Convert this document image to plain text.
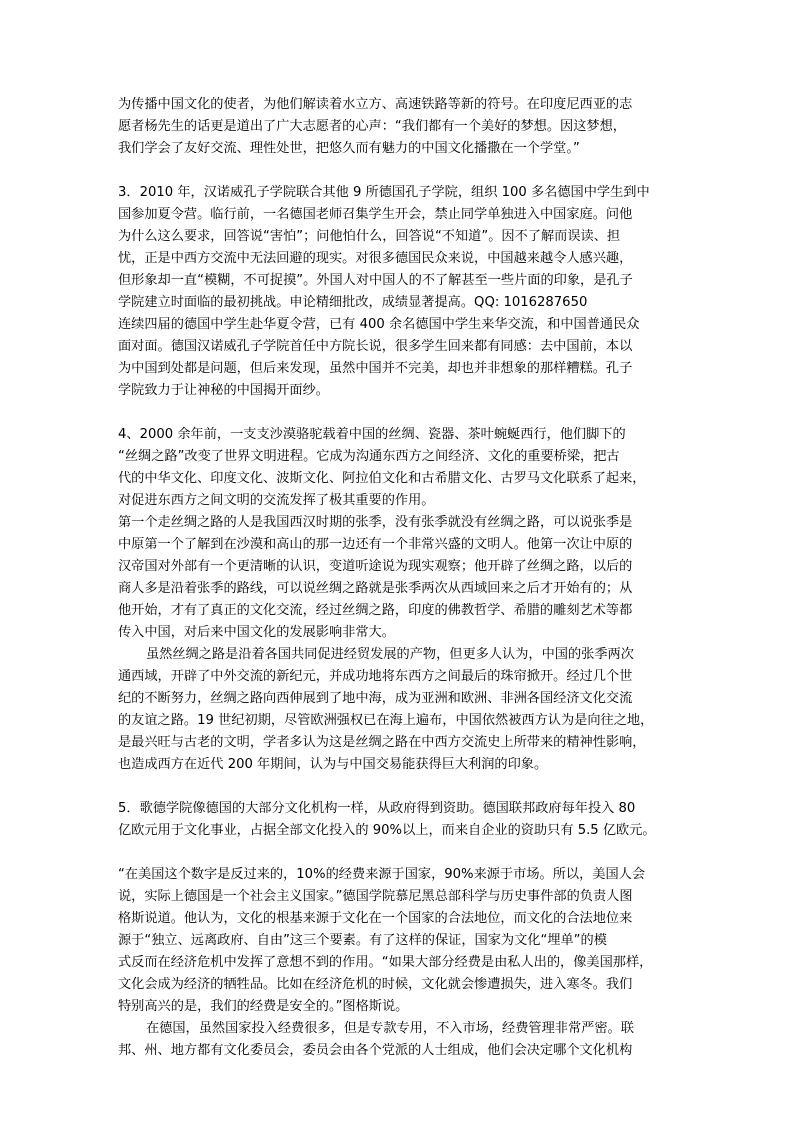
为传播中国文化的使者，为他们解读着水立方、高速铁路等新的符号。在印度尼西亚的志
愿者杨先生的话更是道出了广大志愿者的心声：“我们都有一个美好的梦想。因这梦想，
我们学会了友好交流、理性处世，把悠久而有魅力的中国文化播撒在一个学堂。”
3．2010 年，汉诺威孔子学院联合其他 9 所德国孔子学院，组织 100 多名德国中学生到中
国参加夏令营。临行前，一名德国老师召集学生开会，禁止同学单独进入中国家庭。问他
为什么这么要求，回答说“害怕”；问他怕什么，回答说“不知道”。因不了解而误读、担
忧，正是中西方交流中无法回避的现实。对很多德国民众来说，中国越来越令人感兴趣，
但形象却一直“模糊，不可捉摸”。外国人对中国人的不了解甚至一些片面的印象，是孔子
学院建立时面临的最初挑战。申论精细批改，成绩显著提高。QQ: 1016287650
连续四届的德国中学生赴华夏令营，已有 400 余名德国中学生来华交流，和中国普通民众
面对面。德国汉诺威孔子学院首任中方院长说，很多学生回来都有同感：去中国前，本以
为中国到处都是问题，但后来发现，虽然中国并不完美，却也并非想象的那样糟糕。孔子
学院致力于让神秘的中国揭开面纱。
4、2000 余年前，一支支沙漠骆驼载着中国的丝绸、瓷器、茶叶蜿蜒西行，他们脚下的
“丝绸之路”改变了世界文明进程。它成为沟通东西方之间经济、文化的重要桥梁，把古
代的中华文化、印度文化、波斯文化、阿拉伯文化和古希腊文化、古罗马文化联系了起来，
对促进东西方之间文明的交流发挥了极其重要的作用。
第一个走丝绸之路的人是我国西汉时期的张季，没有张季就没有丝绸之路，可以说张季是
中原第一个了解到在沙漠和高山的那一边还有一个非常兴盛的文明人。他第一次让中原的
汉帝国对外部有一个更清晰的认识，变道听途说为现实观察；他开辟了丝绸之路，以后的
商人多是沿着张季的路线，可以说丝绸之路就是张季两次从西域回来之后才开始有的；从
他开始，才有了真正的文化交流，经过丝绸之路，印度的佛教哲学、希腊的雕刻艺术等都
传入中国，对后来中国文化的发展影响非常大。
虽然丝绸之路是沿着各国共同促进经贸发展的产物，但更多人认为，中国的张季两次
通西域，开辟了中外交流的新纪元，并成功地将东西方之间最后的珠帘掀开。经过几个世
纪的不断努力，丝绸之路向西伸展到了地中海，成为亚洲和欧洲、非洲各国经济文化交流
的友谊之路。19 世纪初期，尽管欧洲强权已在海上遍布，中国依然被西方认为是向往之地，
是最兴旺与古老的文明，学者多认为这是丝绸之路在中西方交流史上所带来的精神性影响，
也造成西方在近代 200 年期间，认为与中国交易能获得巨大利润的印象。
5．歌德学院像德国的大部分文化机构一样，从政府得到资助。德国联邦政府每年投入 80
亿欧元用于文化事业，占据全部文化投入的 90%以上，而来自企业的资助只有 5.5 亿欧元。
“在美国这个数字是反过来的，10%的经费来源于国家，90%来源于市场。所以，美国人会
说，实际上德国是一个社会主义国家。”德国学院慕尼黑总部科学与历史事件部的负责人图
格斯说道。他认为，文化的根基来源于文化在一个国家的合法地位，而文化的合法地位来
源于“独立、远离政府、自由”这三个要素。有了这样的保证，国家为文化“埋单”的模
式反而在经济危机中发挥了意想不到的作用。“如果大部分经费是由私人出的，像美国那样，
文化会成为经济的牺牲品。比如在经济危机的时候，文化就会惨遭损失，进入寒冬。我们
特别高兴的是，我们的经费是安全的。”图格斯说。
在德国，虽然国家投入经费很多，但是专款专用，不入市场，经费管理非常严密。联
邦、州、地方都有文化委员会，委员会由各个党派的人士组成，他们会决定哪个文化机构
